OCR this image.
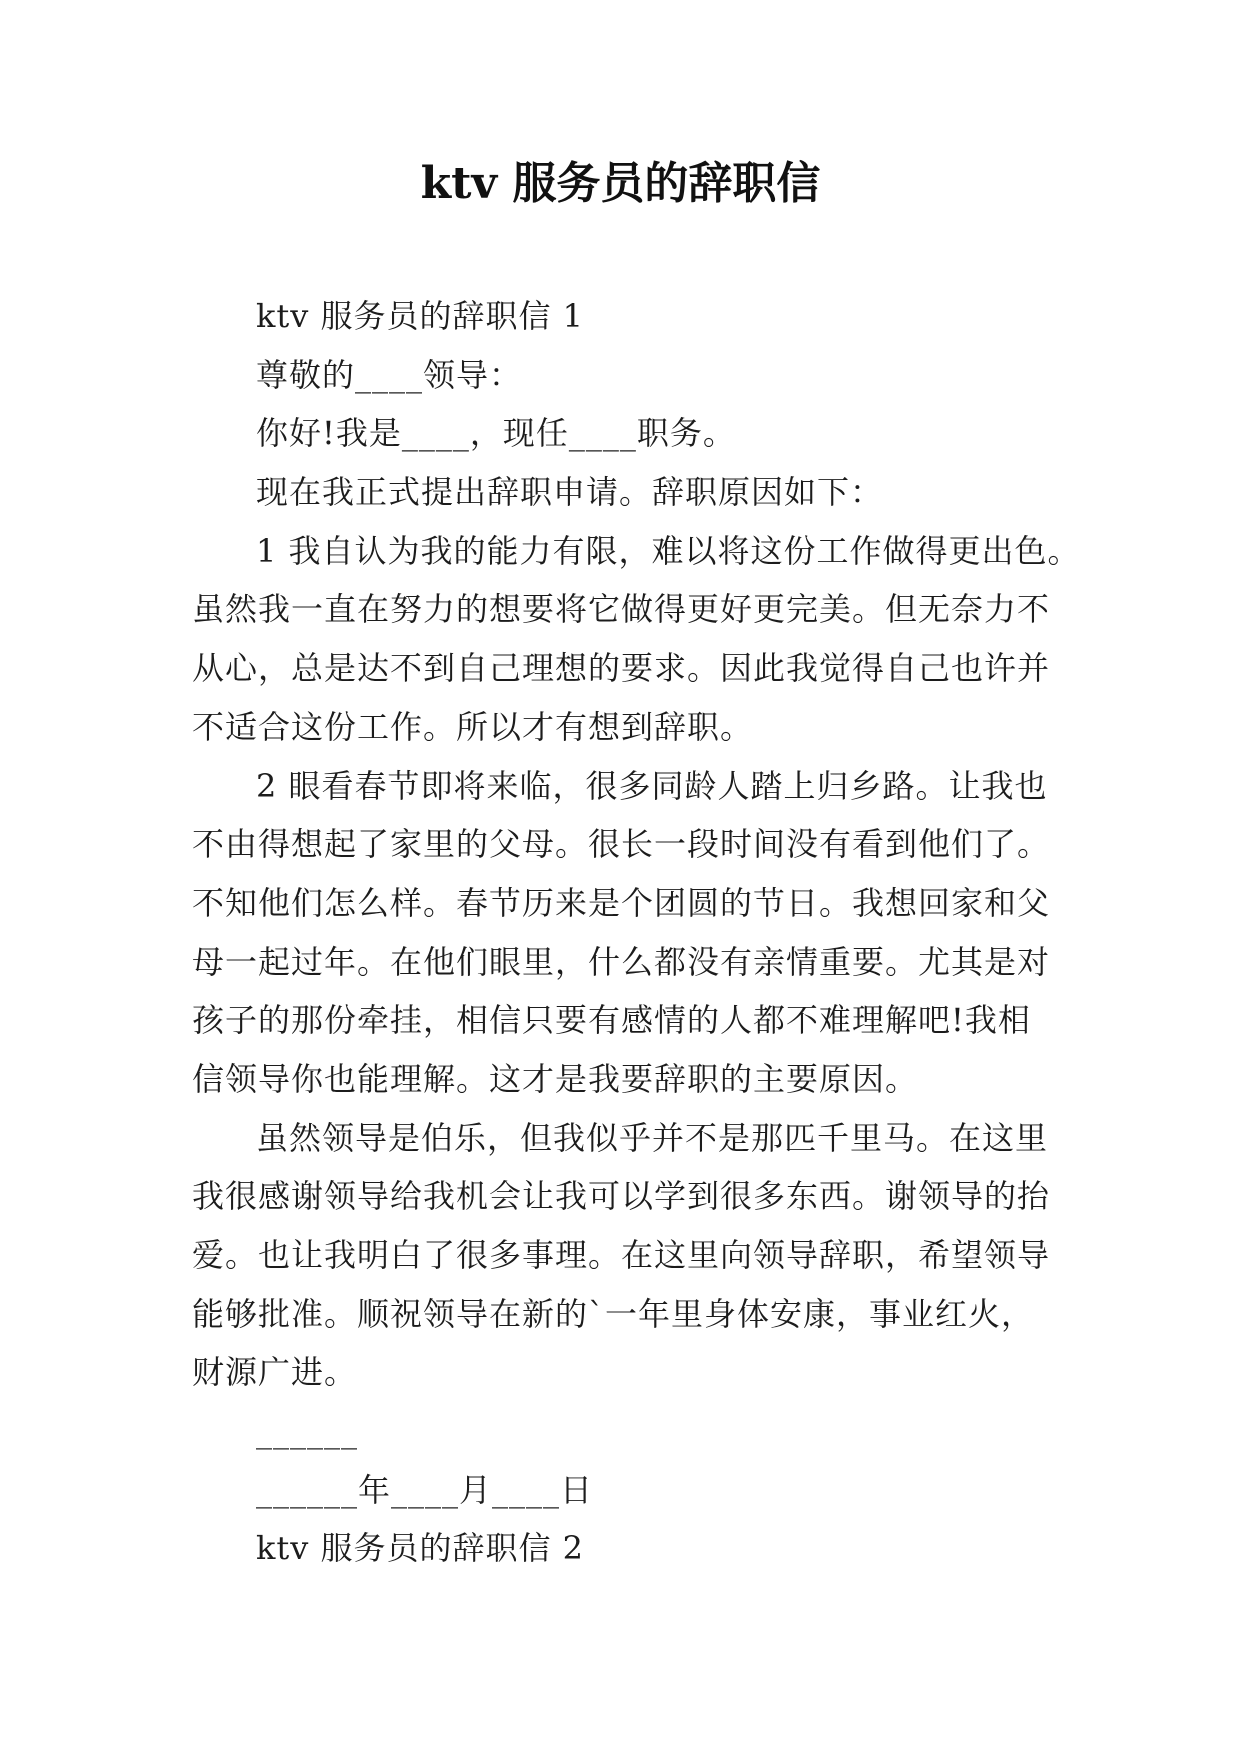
ktv 服务员的辞职信
ktv 服务员的辞职信 1
尊敬的____领导：
你好!我是____，现任____职务。
现在我正式提出辞职申请。辞职原因如下：
1 我自认为我的能力有限，难以将这份工作做得更出色。
虽然我一直在努力的想要将它做得更好更完美。但无奈力不
从心，总是达不到自己理想的要求。因此我觉得自己也许并
不适合这份工作。所以才有想到辞职。
2 眼看春节即将来临，很多同龄人踏上归乡路。让我也
不由得想起了家里的父母。很长一段时间没有看到他们了。
不知他们怎么样。春节历来是个团圆的节日。我想回家和父
母一起过年。在他们眼里，什么都没有亲情重要。尤其是对
孩子的那份牵挂，相信只要有感情的人都不难理解吧!我相
信领导你也能理解。这才是我要辞职的主要原因。
虽然领导是伯乐，但我似乎并不是那匹千里马。在这里
我很感谢领导给我机会让我可以学到很多东西。谢领导的抬
爱。也让我明白了很多事理。在这里向领导辞职，希望领导
能够批准。顺祝领导在新的`一年里身体安康，事业红火，
财源广进。
______
______年____月____日
ktv 服务员的辞职信 2
